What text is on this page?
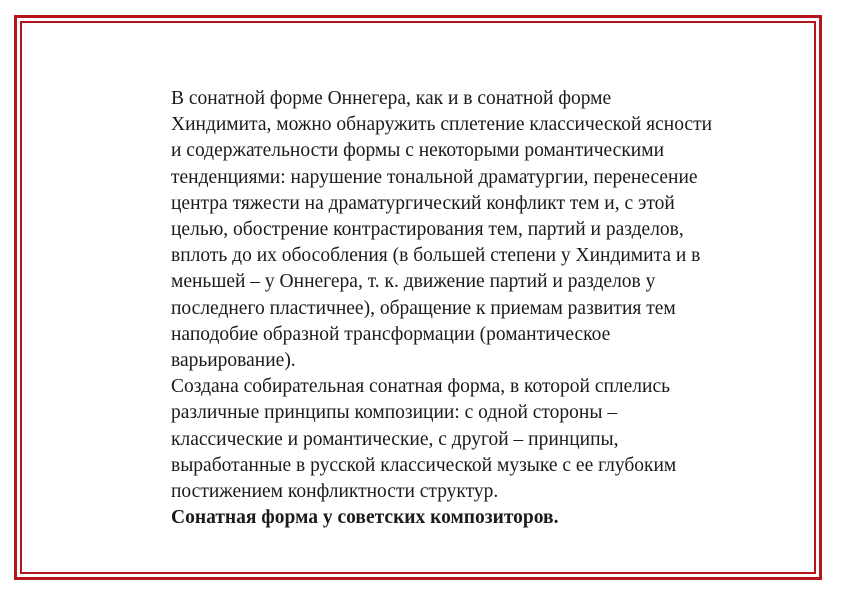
В сонатной форме Оннегера, как и в сонатной форме
Хиндимита, можно обнаружить сплетение классической ясности
и содержательности формы с некоторыми романтическими
тенденциями: нарушение тональной драматургии, перенесение
центра тяжести на драматургический конфликт тем и, с этой
целью, обострение контрастирования тем, партий и разделов,
вплоть до их обособления (в большей степени у Хиндимита и в
меньшей – у Оннегера, т. к. движение партий и разделов у
последнего пластичнее), обращение к приемам развития тем
наподобие образной трансформации (романтическое
варьирование).
Создана собирательная сонатная форма, в которой сплелись
различные принципы композиции: с одной стороны –
классические и романтические, с другой – принципы,
выработанные в русской классической музыке с ее глубоким
постижением конфликтности структур.
Сонатная форма у советских композиторов.
